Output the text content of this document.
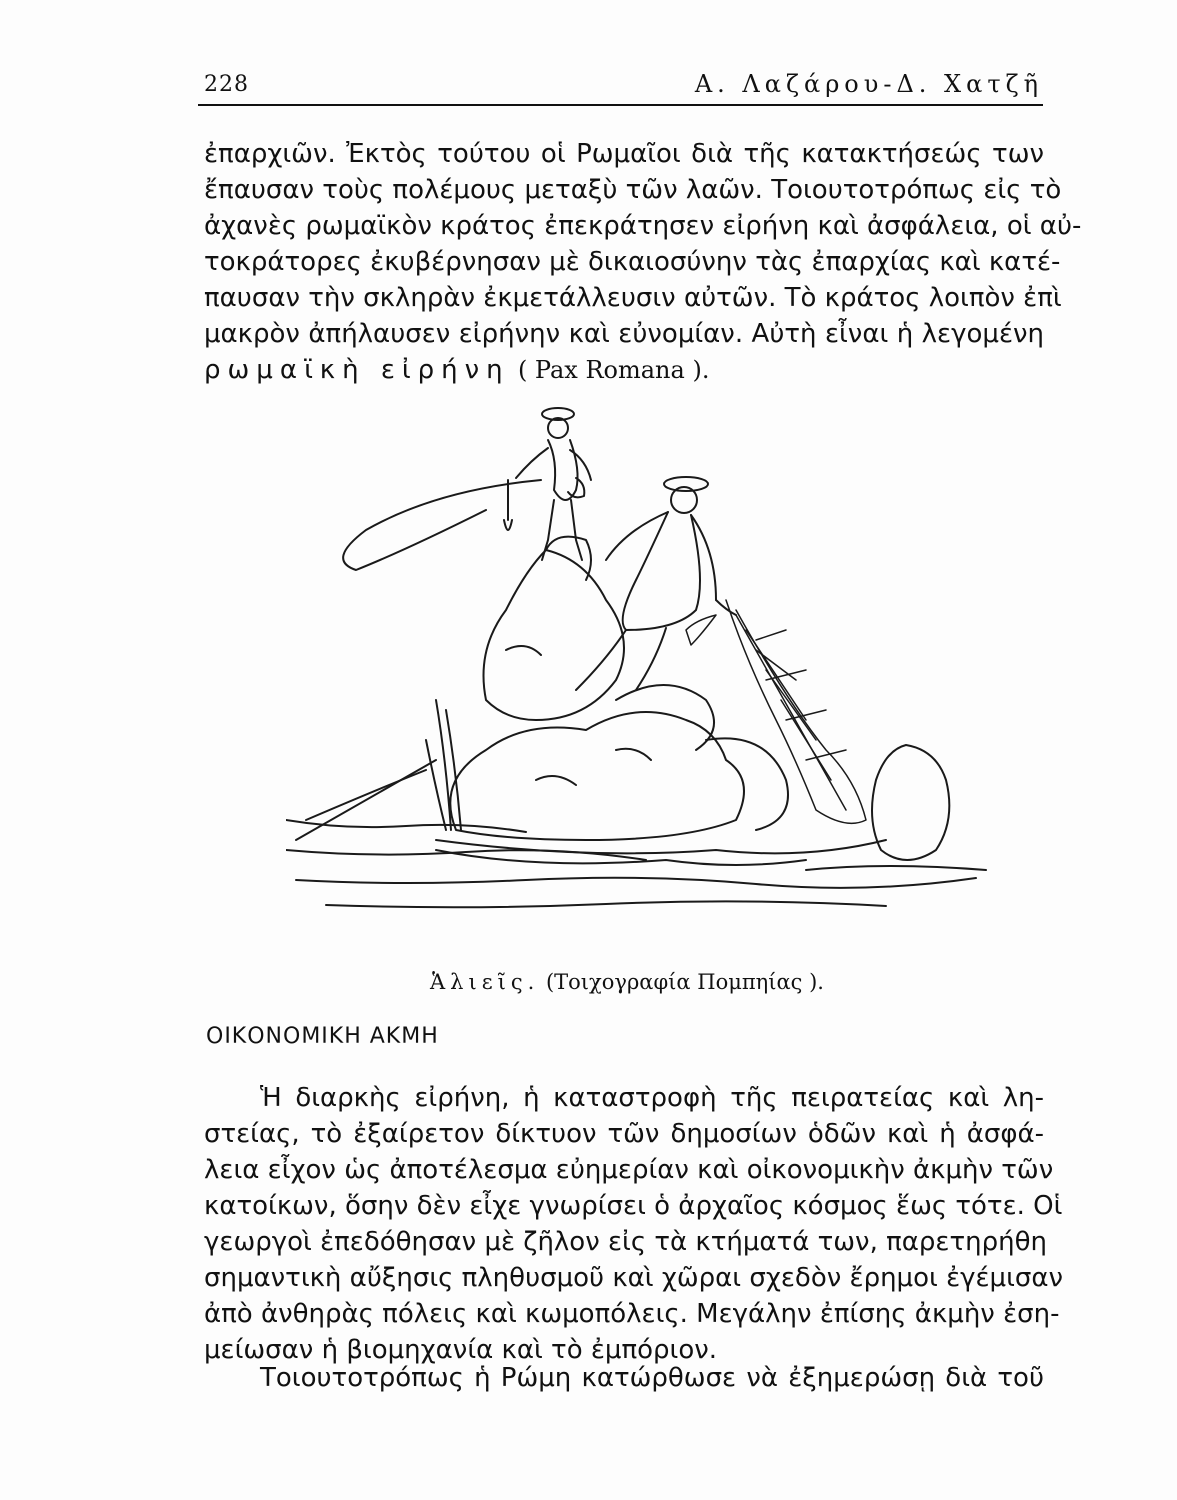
228	Α. Λαζάρου-Δ. Χατζῆ
ἐπαρχιῶν. Ἐκτὸς τούτου οἱ Ρωμαῖοι διὰ τῆς κατακτήσεώς των
ἔπαυσαν τοὺς πολέμους μεταξὺ τῶν λαῶν. Τοιουτοτρόπως εἰς τὸ
ἀχανὲς ρωμαϊκὸν κράτος ἐπεκράτησεν εἰρήνη καὶ ἀσφάλεια, οἱ αὐ-
τοκράτορες ἐκυβέρνησαν μὲ δικαιοσύνην τὰς ἐπαρχίας καὶ κατέ-
παυσαν τὴν σκληρὰν ἐκμετάλλευσιν αὐτῶν. Τὸ κράτος λοιπὸν ἐπὶ
μακρὸν ἀπήλαυσεν εἰρήνην καὶ εὐνομίαν. Αὐτὴ εἶναι ἡ λεγομένη
ρωμαϊκὴ εἰρήνη ( Pax Romana ).
Ἁλιεῖς. (Τοιχογραφία Πομπηίας ).
ΟΙΚΟΝΟΜΙΚΗ ΑΚΜΗ
Ἡ διαρκὴς εἰρήνη, ἡ καταστροφὴ τῆς πειρατείας καὶ λη-
στείας, τὸ ἐξαίρετον δίκτυον τῶν δημοσίων ὁδῶν καὶ ἡ ἀσφά-
λεια εἶχον ὡς ἀποτέλεσμα εὐημερίαν καὶ οἰκονομικὴν ἀκμὴν τῶν
κατοίκων, ὅσην δὲν εἶχε γνωρίσει ὁ ἀρχαῖος κόσμος ἕως τότε. Οἱ
γεωργοὶ ἐπεδόθησαν μὲ ζῆλον εἰς τὰ κτήματά των, παρετηρήθη
σημαντικὴ αὔξησις πληθυσμοῦ καὶ χῶραι σχεδὸν ἔρημοι ἐγέμισαν
ἀπὸ ἀνθηρὰς πόλεις καὶ κωμοπόλεις. Μεγάλην ἐπίσης ἀκμὴν ἐση-
μείωσαν ἡ βιομηχανία καὶ τὸ ἐμπόριον.
Τοιουτοτρόπως ἡ Ρώμη κατώρθωσε νὰ ἐξημερώσῃ διὰ τοῦ
